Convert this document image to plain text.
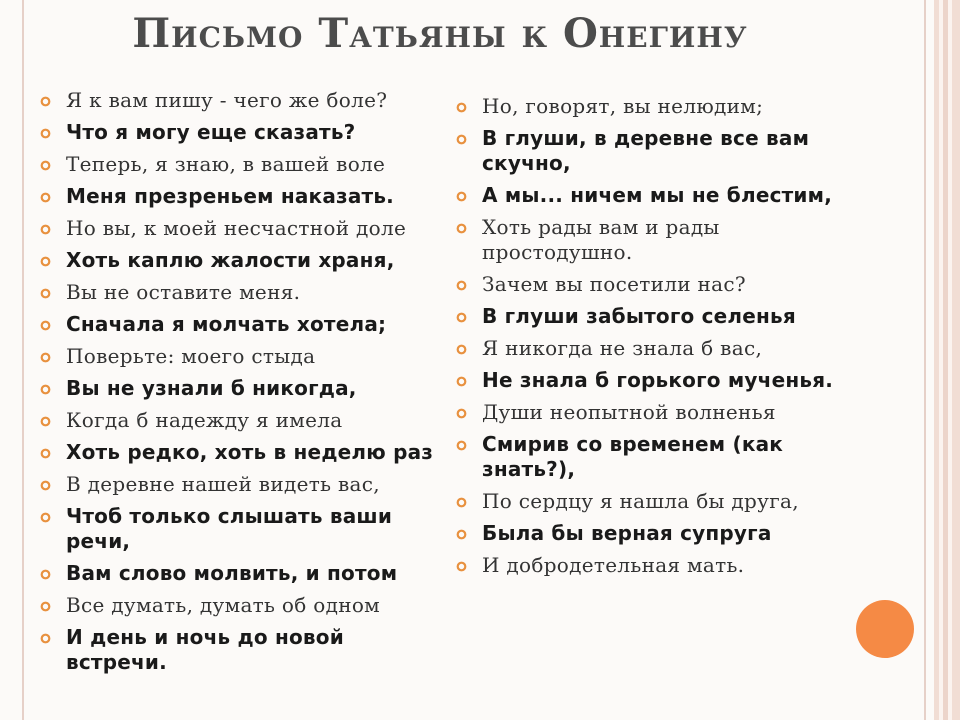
Письмо Татьяны к Онегину
Я к вам пишу - чего же боле?
Что я могу еще сказать?
Теперь, я знаю, в вашей воле
Меня презреньем наказать.
Но вы, к моей несчастной доле
Хоть каплю жалости храня,
Вы не оставите меня.
Сначала я молчать хотела;
Поверьте: моего стыда
Вы не узнали б никогда,
Когда б надежду я имела
Хоть редко, хоть в неделю раз
В деревне нашей видеть вас,
Чтоб только слышать ваши речи,
Вам слово молвить, и потом
Все думать, думать об одном
И день и ночь до новой встречи.
Но, говорят, вы нелюдим;
В глуши, в деревне все вам скучно,
А мы... ничем мы не блестим,
Хоть рады вам и рады простодушно.
Зачем вы посетили нас?
В глуши забытого селенья
Я никогда не знала б вас,
Не знала б горького мученья.
Души неопытной волненья
Смирив со временем (как знать?),
По сердцу я нашла бы друга,
Была бы верная супруга
И добродетельная мать.
